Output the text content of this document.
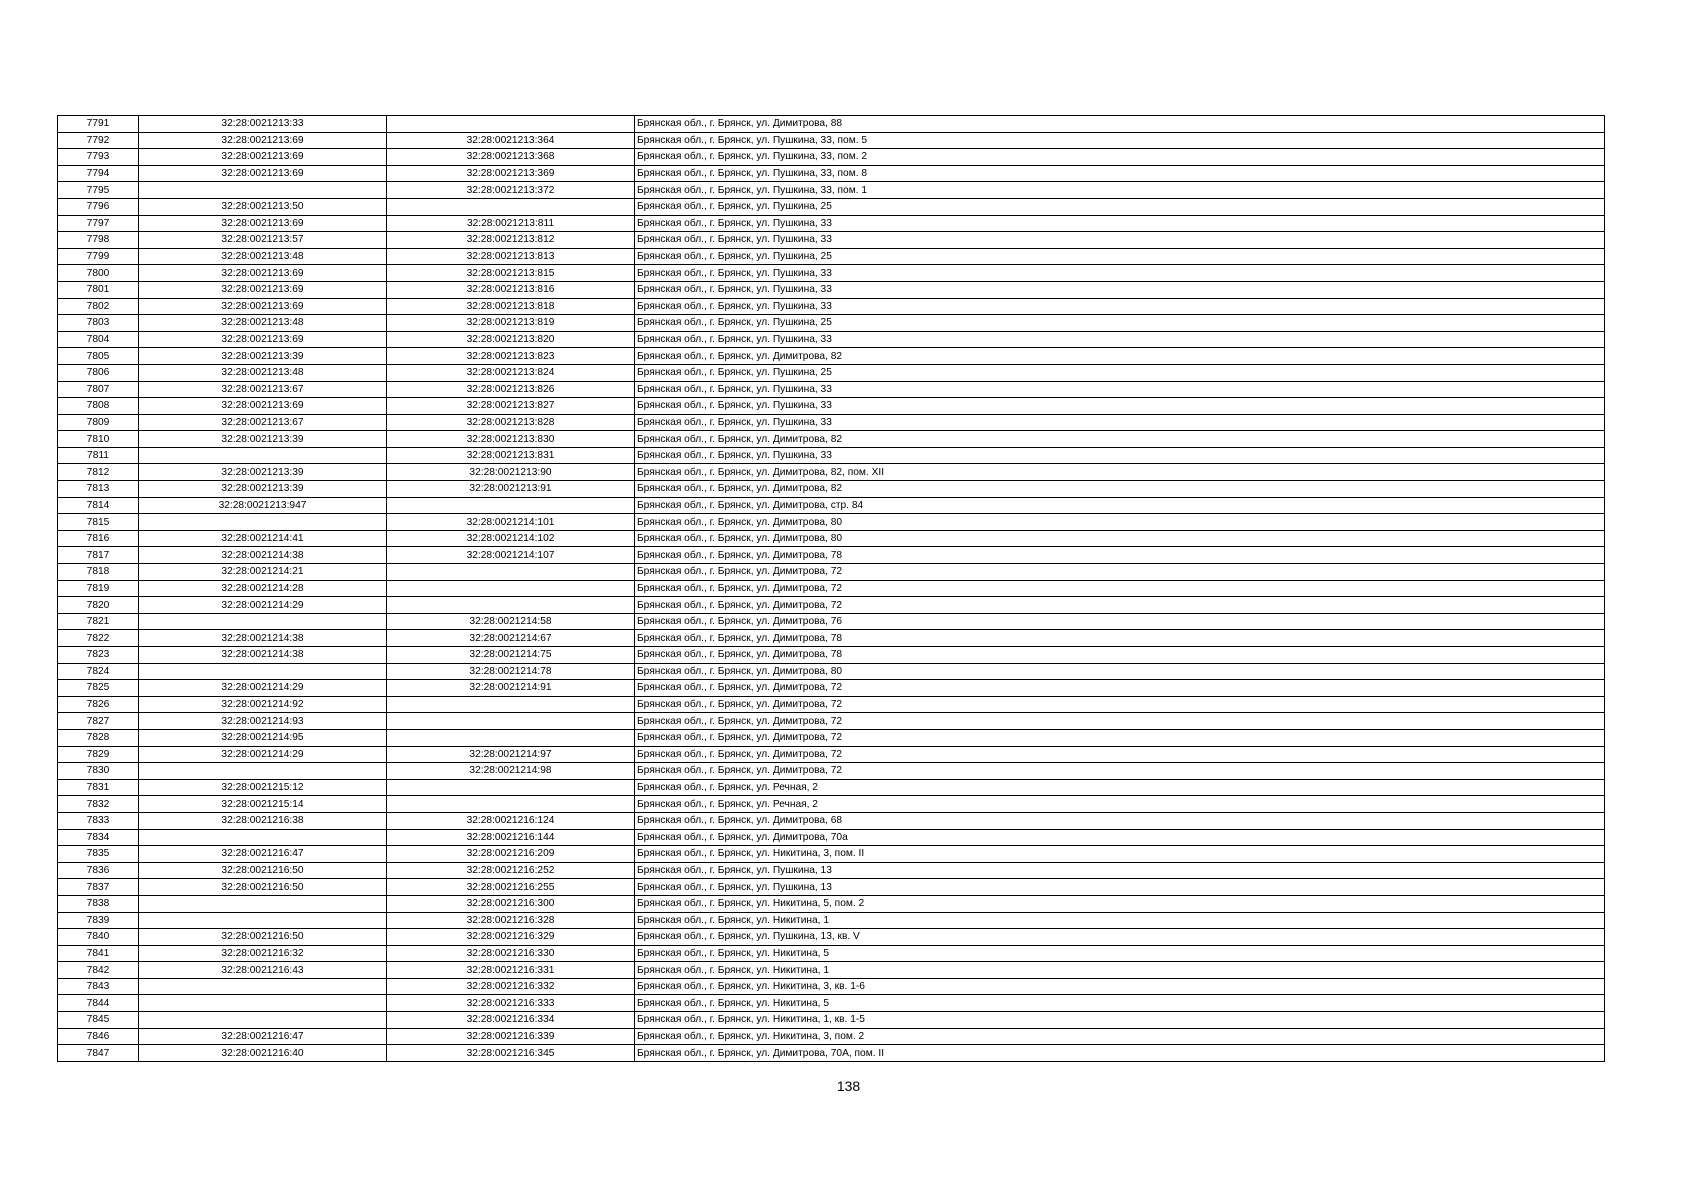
7791	32:28:0021213:33		Брянская обл., г. Брянск, ул. Димитрова, 88
7792	32:28:0021213:69	32:28:0021213:364	Брянская обл., г. Брянск, ул. Пушкина, 33, пом. 5
7793	32:28:0021213:69	32:28:0021213:368	Брянская обл., г. Брянск, ул. Пушкина, 33, пом. 2
7794	32:28:0021213:69	32:28:0021213:369	Брянская обл., г. Брянск, ул. Пушкина, 33, пом. 8
7795		32:28:0021213:372	Брянская обл., г. Брянск, ул. Пушкина, 33, пом. 1
7796	32:28:0021213:50		Брянская обл., г. Брянск, ул. Пушкина, 25
7797	32:28:0021213:69	32:28:0021213:811	Брянская обл., г. Брянск, ул. Пушкина, 33
7798	32:28:0021213:57	32:28:0021213:812	Брянская обл., г. Брянск, ул. Пушкина, 33
7799	32:28:0021213:48	32:28:0021213:813	Брянская обл., г. Брянск, ул. Пушкина, 25
7800	32:28:0021213:69	32:28:0021213:815	Брянская обл., г. Брянск, ул. Пушкина, 33
7801	32:28:0021213:69	32:28:0021213:816	Брянская обл., г. Брянск, ул. Пушкина, 33
7802	32:28:0021213:69	32:28:0021213:818	Брянская обл., г. Брянск, ул. Пушкина, 33
7803	32:28:0021213:48	32:28:0021213:819	Брянская обл., г. Брянск, ул. Пушкина, 25
7804	32:28:0021213:69	32:28:0021213:820	Брянская обл., г. Брянск, ул. Пушкина, 33
7805	32:28:0021213:39	32:28:0021213:823	Брянская обл., г. Брянск, ул. Димитрова, 82
7806	32:28:0021213:48	32:28:0021213:824	Брянская обл., г. Брянск, ул. Пушкина, 25
7807	32:28:0021213:67	32:28:0021213:826	Брянская обл., г. Брянск, ул. Пушкина, 33
7808	32:28:0021213:69	32:28:0021213:827	Брянская обл., г. Брянск, ул. Пушкина, 33
7809	32:28:0021213:67	32:28:0021213:828	Брянская обл., г. Брянск, ул. Пушкина, 33
7810	32:28:0021213:39	32:28:0021213:830	Брянская обл., г. Брянск, ул. Димитрова, 82
7811		32:28:0021213:831	Брянская обл., г. Брянск, ул. Пушкина, 33
7812	32:28:0021213:39	32:28:0021213:90	Брянская обл., г. Брянск, ул. Димитрова, 82, пом. XII
7813	32:28:0021213:39	32:28:0021213:91	Брянская обл., г. Брянск, ул. Димитрова, 82
7814	32:28:0021213:947		Брянская обл., г. Брянск, ул. Димитрова, стр. 84
7815		32:28:0021214:101	Брянская обл., г. Брянск, ул. Димитрова, 80
7816	32:28:0021214:41	32:28:0021214:102	Брянская обл., г. Брянск, ул. Димитрова, 80
7817	32:28:0021214:38	32:28:0021214:107	Брянская обл., г. Брянск, ул. Димитрова, 78
7818	32:28:0021214:21		Брянская обл., г. Брянск, ул. Димитрова, 72
7819	32:28:0021214:28		Брянская обл., г. Брянск, ул. Димитрова, 72
7820	32:28:0021214:29		Брянская обл., г. Брянск, ул. Димитрова, 72
7821		32:28:0021214:58	Брянская обл., г. Брянск, ул. Димитрова, 76
7822	32:28:0021214:38	32:28:0021214:67	Брянская обл., г. Брянск, ул. Димитрова, 78
7823	32:28:0021214:38	32:28:0021214:75	Брянская обл., г. Брянск, ул. Димитрова, 78
7824		32:28:0021214:78	Брянская обл., г. Брянск, ул. Димитрова, 80
7825	32:28:0021214:29	32:28:0021214:91	Брянская обл., г. Брянск, ул. Димитрова, 72
7826	32:28:0021214:92		Брянская обл., г. Брянск, ул. Димитрова, 72
7827	32:28:0021214:93		Брянская обл., г. Брянск, ул. Димитрова, 72
7828	32:28:0021214:95		Брянская обл., г. Брянск, ул. Димитрова, 72
7829	32:28:0021214:29	32:28:0021214:97	Брянская обл., г. Брянск, ул. Димитрова, 72
7830		32:28:0021214:98	Брянская обл., г. Брянск, ул. Димитрова, 72
7831	32:28:0021215:12		Брянская обл., г. Брянск, ул. Речная, 2
7832	32:28:0021215:14		Брянская обл., г. Брянск, ул. Речная, 2
7833	32:28:0021216:38	32:28:0021216:124	Брянская обл., г. Брянск, ул. Димитрова, 68
7834		32:28:0021216:144	Брянская обл., г. Брянск, ул. Димитрова, 70а
7835	32:28:0021216:47	32:28:0021216:209	Брянская обл., г. Брянск, ул. Никитина, 3, пом. II
7836	32:28:0021216:50	32:28:0021216:252	Брянская обл., г. Брянск, ул. Пушкина, 13
7837	32:28:0021216:50	32:28:0021216:255	Брянская обл., г. Брянск, ул. Пушкина, 13
7838		32:28:0021216:300	Брянская обл., г. Брянск, ул. Никитина, 5, пом. 2
7839		32:28:0021216:328	Брянская обл., г. Брянск, ул. Никитина, 1
7840	32:28:0021216:50	32:28:0021216:329	Брянская обл., г. Брянск, ул. Пушкина, 13, кв. V
7841	32:28:0021216:32	32:28:0021216:330	Брянская обл., г. Брянск, ул. Никитина, 5
7842	32:28:0021216:43	32:28:0021216:331	Брянская обл., г. Брянск, ул. Никитина, 1
7843		32:28:0021216:332	Брянская обл., г. Брянск, ул. Никитина, 3, кв. 1-6
7844		32:28:0021216:333	Брянская обл., г. Брянск, ул. Никитина, 5
7845		32:28:0021216:334	Брянская обл., г. Брянск, ул. Никитина, 1, кв. 1-5
7846	32:28:0021216:47	32:28:0021216:339	Брянская обл., г. Брянск, ул. Никитина, 3, пом. 2
7847	32:28:0021216:40	32:28:0021216:345	Брянская обл., г. Брянск, ул. Димитрова, 70А, пом. II
138
